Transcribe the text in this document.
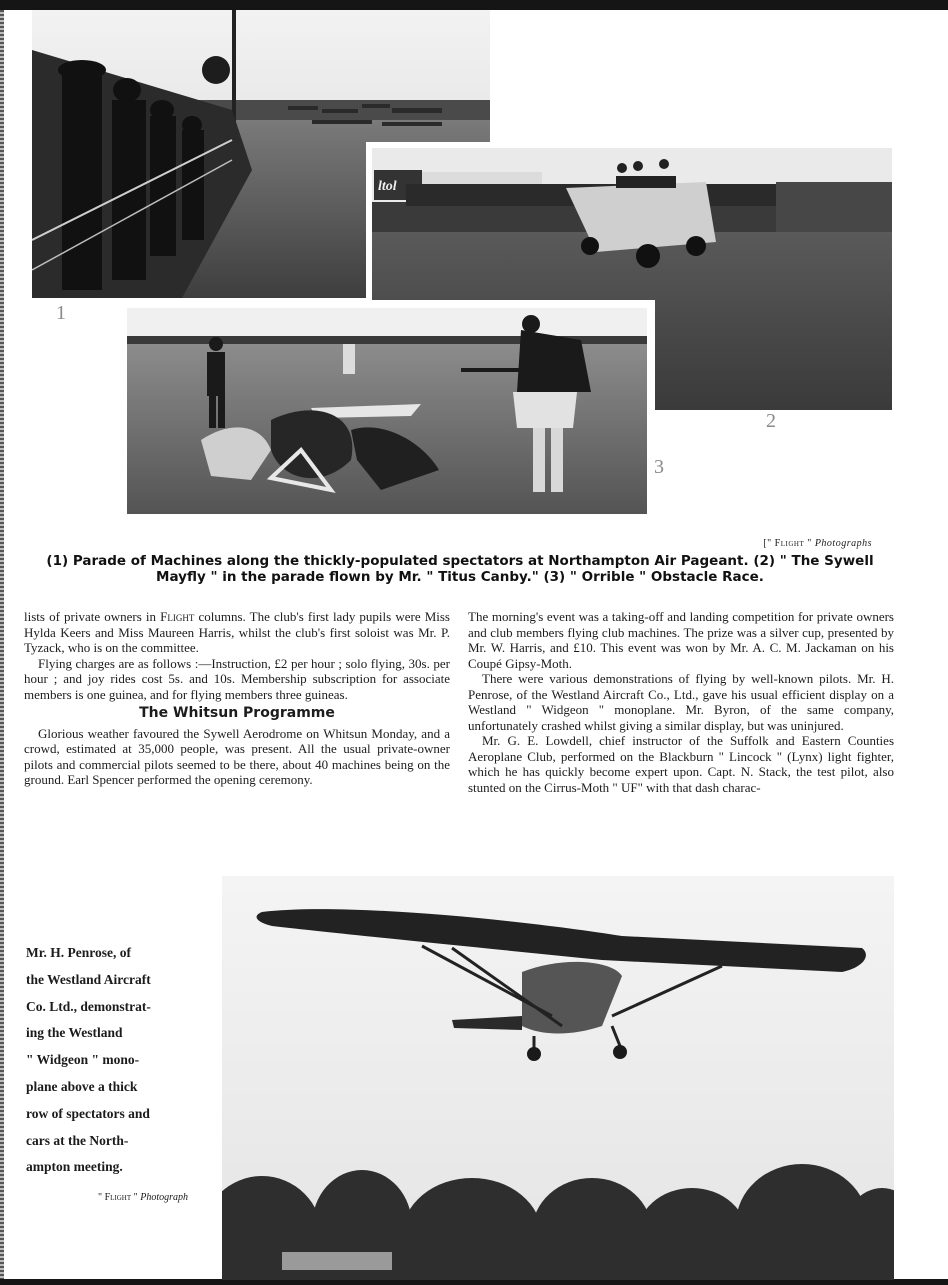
ltol
1
2
3
[" Flight " Photographs
(1) Parade of Machines along the thickly-populated spectators at Northampton Air Pageant. (2) " The Sywell
Mayfly " in the parade flown by Mr. " Titus Canby." (3) " Orrible " Obstacle Race.

lists of private owners in Flight columns. The club's first lady pupils were Miss Hylda Keers and Miss Maureen Harris, whilst the club's first soloist was Mr. P. Tyzack, who is on the committee.

Flying charges are as follows :—Instruction, £2 per hour ; solo flying, 30s. per hour ; and joy rides cost 5s. and 10s. Membership subscription for associate members is one guinea, and for flying members three guineas.

The Whitsun Programme

Glorious weather favoured the Sywell Aerodrome on Whitsun Monday, and a crowd, estimated at 35,000 people, was present. All the usual private-owner pilots and commercial pilots seemed to be there, about 40 machines being on the ground. Earl Spencer performed the opening ceremony.

The morning's event was a taking-off and landing competition for private owners and club members flying club machines. The prize was a silver cup, presented by Mr. W. Harris, and £10. This event was won by Mr. A. C. M. Jackaman on his Coupé Gipsy-Moth.

There were various demonstrations of flying by well-known pilots. Mr. H. Penrose, of the Westland Aircraft Co., Ltd., gave his usual efficient display on a Westland " Widgeon " monoplane. Mr. Byron, of the same company, unfortunately crashed whilst giving a similar display, but was uninjured.

Mr. G. E. Lowdell, chief instructor of the Suffolk and Eastern Counties Aeroplane Club, performed on the Blackburn " Lincock " (Lynx) light fighter, which he has quickly become expert upon. Capt. N. Stack, the test pilot, also stunted on the Cirrus-Moth " UF" with that dash charac-

Mr. H. Penrose, of
the Westland Aircraft
Co. Ltd., demonstrat-
ing the Westland
" Widgeon " mono-
plane above a thick
row of spectators and
cars at the North-
ampton meeting.
" Flight " Photograph
